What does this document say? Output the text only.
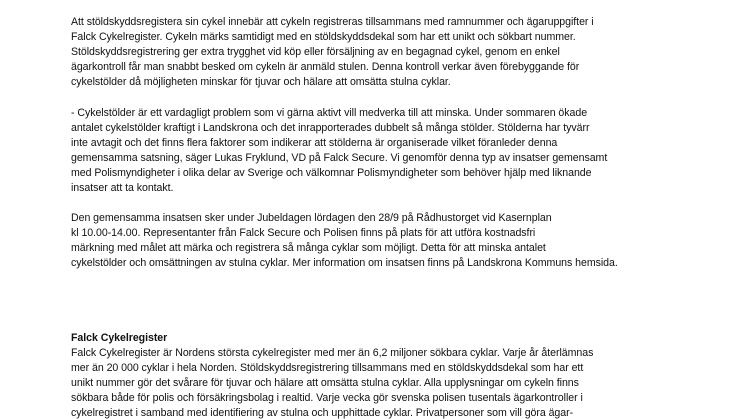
Att stöldskyddsregistera sin cykel innebär att cykeln registreras tillsammans med ramnummer och ägaruppgifter i
Falck Cykelregister. Cykeln märks samtidigt med en stöldskyddsdekal som har ett unikt och sökbart nummer.
Stöldskyddsregistrering ger extra trygghet vid köp eller försäljning av en begagnad cykel, genom en enkel
ägarkontroll får man snabbt besked om cykeln är anmäld stulen. Denna kontroll verkar även förebyggande för
cykelstölder då möjligheten minskar för tjuvar och hälare att omsätta stulna cyklar.
- Cykelstölder är ett vardagligt problem som vi gärna aktivt vill medverka till att minska. Under sommaren ökade
antalet cykelstölder kraftigt i Landskrona och det inrapporterades dubbelt så många stölder. Stölderna har tyvärr
inte avtagit och det finns flera faktorer som indikerar att stölderna är organiserade vilket föranleder denna
gemensamma satsning, säger Lukas Fryklund, VD på Falck Secure. Vi genomför denna typ av insatser gemensamt
med Polismyndigheter i olika delar av Sverige och välkomnar Polismyndigheter som behöver hjälp med liknande
insatser att ta kontakt.
Den gemensamma insatsen sker under Jubeldagen lördagen den 28/9 på Rådhustorget vid Kasernplan
kl 10.00-14.00. Representanter från Falck Secure och Polisen finns på plats för att utföra kostnadsfri
märkning med målet att märka och registrera så många cyklar som möjligt. Detta för att minska antalet
cykelstölder och omsättningen av stulna cyklar. Mer information om insatsen finns på Landskrona Kommuns hemsida.
Falck Cykelregister
Falck Cykelregister är Nordens största cykelregister med mer än 6,2 miljoner sökbara cyklar. Varje år återlämnas
mer än 20 000 cyklar i hela Norden. Stöldskyddsregistrering tillsammans med en stöldskyddsdekal som har ett
unikt nummer gör det svårare för tjuvar och hälare att omsätta stulna cyklar. Alla upplysningar om cykeln finns
sökbara både för polis och försäkringsbolag i realtid. Varje vecka gör svenska polisen tusentals ägarkontroller i
cykelregistret i samband med identifiering av stulna och upphittade cyklar. Privatpersoner som vill göra ägar-
